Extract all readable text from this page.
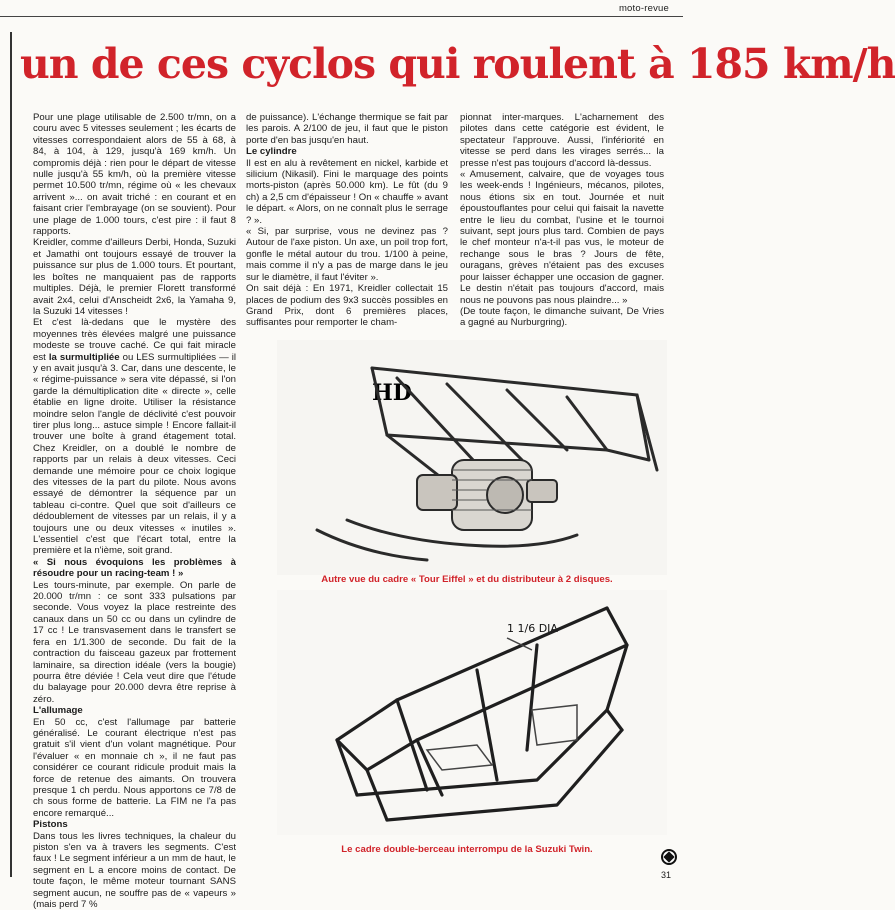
moto-revue
un de ces cyclos qui roulent à 185 km/h

Pour une plage utilisable de 2.500 tr/mn, on a couru avec 5 vitesses seulement ; les écarts de vitesses correspondaient alors de 55 à 68, à 84, à 104, à 129, jusqu'à 169 km/h. Un compromis déjà : rien pour le départ de vitesse nulle jusqu'à 55 km/h, où la première vitesse permet 10.500 tr/mn, régime où « les chevaux arrivent »... on avait triché : en courant et en faisant crier l'embrayage (on se souvient). Pour une plage de 1.000 tours, c'est pire : il faut 8 rapports.

Kreidler, comme d'ailleurs Derbi, Honda, Suzuki et Jamathi ont toujours essayé de trouver la puissance sur plus de 1.000 tours. Et pourtant, les boîtes ne manquaient pas de rapports multiples. Déjà, le premier Florett transformé avait 2x4, celui d'Anscheidt 2x6, la Yamaha 9, la Suzuki 14 vitesses !

Et c'est là-dedans que le mystère des moyennes très élevées malgré une puissance modeste se trouve caché. Ce qui fait miracle est la surmultipliée ou LES surmultipliées — il y en avait jusqu'à 3. Car, dans une descente, le « régime-puissance » sera vite dépassé, si l'on garde la démultiplication dite « directe », celle établie en ligne droite. Utiliser la résistance moindre selon l'angle de déclivité c'est pouvoir tirer plus long... astuce simple ! Encore fallait-il trouver une boîte à grand étagement total. Chez Kreidler, on a doublé le nombre de rapports par un relais à deux vitesses. Ceci demande une mémoire pour ce choix logique des vitesses de la part du pilote. Nous avons essayé de démontrer la séquence par un tableau ci-contre. Quel que soit d'ailleurs ce dédoublement de vitesses par un relais, il y a toujours une ou deux vitesses « inutiles ». L'essentiel c'est que l'écart total, entre la première et la n'ième, soit grand.

« Si nous évoquions les problèmes à résoudre pour un racing-team ! »

Les tours-minute, par exemple. On parle de 20.000 tr/mn : ce sont 333 pulsations par seconde. Vous voyez la place restreinte des canaux dans un 50 cc ou dans un cylindre de 17 cc ! Le transvasement dans le transfert se fera en 1/1.300 de seconde. Du fait de la contraction du faisceau gazeux par frottement laminaire, sa direction idéale (vers la bougie) pourra être déviée ! Cela veut dire que l'étude du balayage pour 20.000 devra être reprise à zéro.

L'allumage

En 50 cc, c'est l'allumage par batterie généralisé. Le courant électrique n'est pas gratuit s'il vient d'un volant magnétique. Pour l'évaluer « en monnaie ch », il ne faut pas considérer ce courant ridicule produit mais la force de retenue des aimants. On trouvera presque 1 ch perdu. Nous apportons ce 7/8 de ch sous forme de batterie. La FIM ne l'a pas encore remarqué...

Pistons

Dans tous les livres techniques, la chaleur du piston s'en va à travers les segments. C'est faux ! Le segment inférieur a un mm de haut, le segment en L a encore moins de contact. De toute façon, le même moteur tournant SANS segment aucun, ne souffre pas de « vapeurs » (mais perd 7 %

de puissance). L'échange thermique se fait par les parois. A 2/100 de jeu, il faut que le piston porte d'en bas jusqu'en haut.

Le cylindre

Il est en alu à revêtement en nickel, karbide et silicium (Nikasil). Fini le marquage des points morts-piston (après 50.000 km). Le fût (du 9 ch) a 2,5 cm d'épaisseur ! On « chauffe » avant le départ. « Alors, on ne connaît plus le serrage ? ».

« Si, par surprise, vous ne devinez pas ? Autour de l'axe piston. Un axe, un poil trop fort, gonfle le métal autour du trou. 1/100 à peine, mais comme il n'y a pas de marge dans le jeu sur le diamètre, il faut l'éviter ».

On sait déjà : En 1971, Kreidler collectait 15 places de podium des 9x3 succès possibles en Grand Prix, dont 6 premières places, suffisantes pour remporter le cham-

pionnat inter-marques. L'acharnement des pilotes dans cette catégorie est évident, le spectateur l'approuve. Aussi, l'infériorité en vitesse se perd dans les virages serrés... la presse n'est pas toujours d'accord là-dessus.

« Amusement, calvaire, que de voyages tous les week-ends ! Ingénieurs, mécanos, pilotes, nous étions six en tout. Journée et nuit époustouflantes pour celui qui faisait la navette entre le lieu du combat, l'usine et le tournoi suivant, sept jours plus tard. Combien de pays le chef monteur n'a-t-il pas vus, le moteur de rechange sous le bras ? Jours de fête, ouragans, grèves n'étaient pas des excuses pour laisser échapper une occasion de gagner. Le destin n'était pas toujours d'accord, mais nous ne pouvons pas nous plaindre... »

(De toute façon, le dimanche suivant, De Vries a gagné au Nurburgring).

HD
Autre vue du cadre « Tour Eiffel » et du distributeur à 2 disques.
1 1/6 DIA
Le cadre double-berceau interrompu de la Suzuki Twin.
31
